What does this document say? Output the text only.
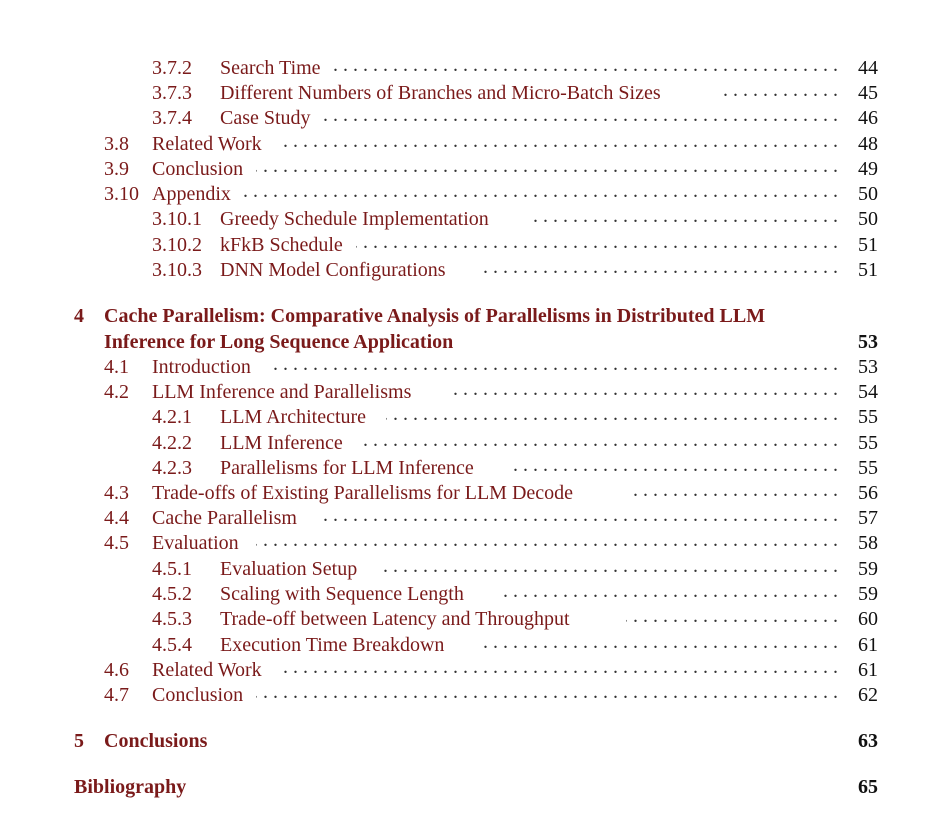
3.7.2 . . . Search Time	44
3.7.3 . . . Different Numbers of Branches and Micro-Batch Sizes	45
3.7.4 . . . Case Study	46
3.8 . . . Related Work	48
3.9 . . . Conclusion	49
3.10 . . . Appendix	50
3.10.1 . . . Greedy Schedule Implementation	50
3.10.2 . . . kFkB Schedule	51
3.10.3 . . . DNN Model Configurations	51
4 Cache Parallelism: Comparative Analysis of Parallelisms in Distributed LLM
Inference for Long Sequence Application	53
4.1 . . . Introduction	53
4.2 . . . LLM Inference and Parallelisms	54
4.2.1 . . . LLM Architecture	55
4.2.2 . . . LLM Inference	55
4.2.3 . . . Parallelisms for LLM Inference	55
4.3 . . . Trade-offs of Existing Parallelisms for LLM Decode	56
4.4 . . . Cache Parallelism	57
4.5 . . . Evaluation	58
4.5.1 . . . Evaluation Setup	59
4.5.2 . . . Scaling with Sequence Length	59
4.5.3 . . . Trade-off between Latency and Throughput	60
4.5.4 . . . Execution Time Breakdown	61
4.6 . . . Related Work	61
4.7 . . . Conclusion	62
5 Conclusions	63
Bibliography	65
